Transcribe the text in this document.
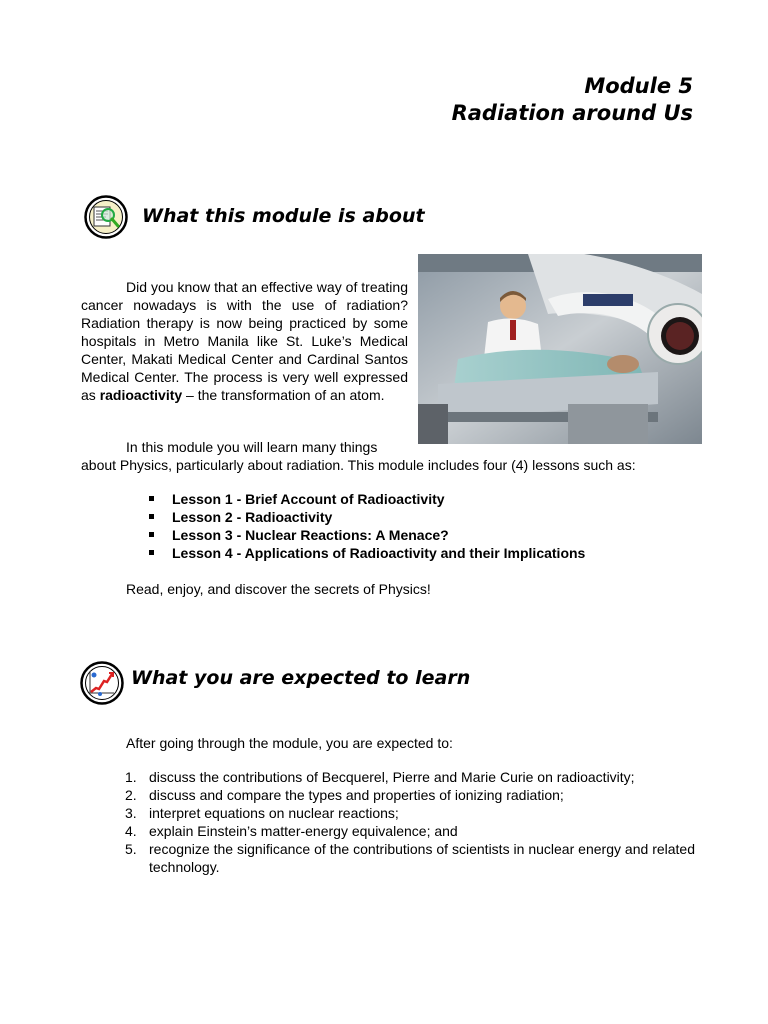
Module 5
Radiation around Us
What this module is about

Did you know that an effective way of treating cancer nowadays is with the use of radiation? Radiation therapy is now being practiced by some hospitals in Metro Manila like St. Luke’s Medical Center, Makati Medical Center and Cardinal Santos Medical Center. The process is very well expressed as radioactivity – the transformation of an atom.

In this module you will learn many things

about Physics, particularly about radiation. This module includes four (4) lessons such as:

Lesson 1 - Brief Account of Radioactivity
Lesson 2 - Radioactivity
Lesson 3 - Nuclear Reactions: A Menace?
Lesson 4 - Applications of Radioactivity and their Implications
Read, enjoy, and discover the secrets of Physics!
What you are expected to learn
After going through the module, you are expected to:
1. discuss the contributions of Becquerel, Pierre and Marie Curie on radioactivity;
2. discuss and compare the types and properties of ionizing radiation;
3. interpret equations on nuclear reactions;
4. explain Einstein’s matter-energy equivalence; and
5. recognize the significance of the contributions of scientists in nuclear energy and related technology.
